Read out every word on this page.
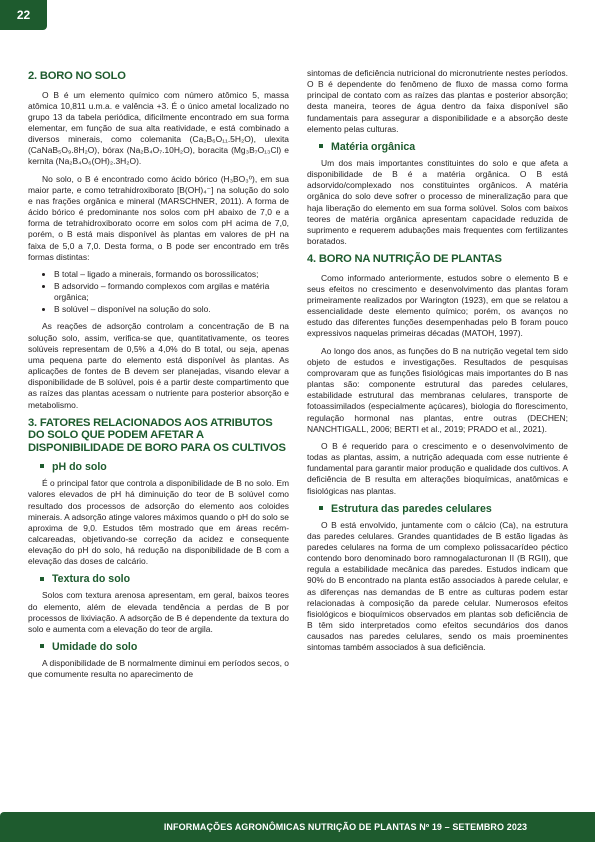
22
2. BORO NO SOLO

O B é um elemento químico com número atômico 5, massa atômica 10,811 u.m.a. e valência +3. É o único ametal localizado no grupo 13 da tabela periódica, dificilmente encontrado em sua forma elementar, em função de sua alta reatividade, e está combinado a diversos minerais, como colemanita (Ca₂B₆O₁₁.5H₂O), ulexita (CaNaB₅O₉.8H₂O), bórax (Na₂B₄O₇.10H₂O), boracita (Mg₃B₇O₁₃Cl) e kernita (Na₂B₄O₆(OH)₂.3H₂O).

No solo, o B é encontrado como ácido bórico (H₃BO₃⁰), em sua maior parte, e como tetrahidroxiborato [B(OH)₄⁻] na solução do solo e nas frações orgânica e mineral (MARSCHNER, 2011). A forma de ácido bórico é predominante nos solos com pH abaixo de 7,0 e a forma de tetrahidroxiborato ocorre em solos com pH acima de 7,0, porém, o B está mais disponível às plantas em valores de pH na faixa de 5,0 a 7,0. Desta forma, o B pode ser encontrado em três formas distintas:

• B total – ligado a minerais, formando os borossilicatos;
• B adsorvido – formando complexos com argilas e matéria orgânica;
• B solúvel – disponível na solução do solo.

As reações de adsorção controlam a concentração de B na solução solo, assim, verifica-se que, quantitativamente, os teores solúveis representam de 0,5% a 4,0% do B total, ou seja, apenas uma pequena parte do elemento está disponível às plantas. As aplicações de fontes de B devem ser planejadas, visando elevar a disponibilidade de B solúvel, pois é a partir deste compartimento que as raízes das plantas acessam o nutriente para posterior absorção e metabolismo.

3. FATORES RELACIONADOS AOS ATRIBUTOS DO SOLO QUE PODEM AFETAR A DISPONIBILIDADE DE BORO PARA OS CULTIVOS
pH do solo

É o principal fator que controla a disponibilidade de B no solo. Em valores elevados de pH há diminuição do teor de B solúvel como resultado dos processos de adsorção do elemento aos coloides minerais. A adsorção atinge valores máximos quando o pH do solo se aproxima de 9,0. Estudos têm mostrado que em áreas recém-calcareadas, objetivando-se correção da acidez e consequente elevação do pH do solo, há redução na disponibilidade de B com a elevação das doses de calcário.

Textura do solo

Solos com textura arenosa apresentam, em geral, baixos teores do elemento, além de elevada tendência a perdas de B por processos de lixiviação. A adsorção de B é dependente da textura do solo e aumenta com a elevação do teor de argila.

Umidade do solo

A disponibilidade de B normalmente diminui em períodos secos, o que comumente resulta no aparecimento de

sintomas de deficiência nutricional do micronutriente nestes períodos. O B é dependente do fenômeno de fluxo de massa como forma principal de contato com as raízes das plantas e posterior absorção; desta maneira, teores de água dentro da faixa disponível são fundamentais para assegurar a disponibilidade e a absorção deste elemento pelas culturas.

Matéria orgânica

Um dos mais importantes constituintes do solo e que afeta a disponibilidade de B é a matéria orgânica. O B está adsorvido/complexado nos constituintes orgânicos. A matéria orgânica do solo deve sofrer o processo de mineralização para que haja liberação do elemento em sua forma solúvel. Solos com baixos teores de matéria orgânica apresentam capacidade reduzida de suprimento e requerem adubações mais frequentes com fertilizantes boratados.

4. BORO NA NUTRIÇÃO DE PLANTAS

Como informado anteriormente, estudos sobre o elemento B e seus efeitos no crescimento e desenvolvimento das plantas foram primeiramente realizados por Warington (1923), em que se relatou a essencialidade deste elemento químico; porém, os avanços no estudo das diferentes funções desempenhadas pelo B foram pouco expressivos naquelas primeiras décadas (MATOH, 1997).

Ao longo dos anos, as funções do B na nutrição vegetal tem sido objeto de estudos e investigações. Resultados de pesquisas comprovaram que as funções fisiológicas mais importantes do B nas plantas são: componente estrutural das paredes celulares, estabilidade estrutural das membranas celulares, transporte de fotoassimilados (especialmente açúcares), biologia do florescimento, regulação hormonal nas plantas, entre outras (DECHEN; NANCHTIGALL, 2006; BERTI et al., 2019; PRADO et al., 2021).

O B é requerido para o crescimento e o desenvolvimento de todas as plantas, assim, a nutrição adequada com esse nutriente é fundamental para garantir maior produção e qualidade dos cultivos. A deficiência de B resulta em alterações bioquímicas, anatômicas e fisiológicas nas plantas.

Estrutura das paredes celulares

O B está envolvido, juntamente com o cálcio (Ca), na estrutura das paredes celulares. Grandes quantidades de B estão ligadas às paredes celulares na forma de um complexo polissacarídeo péctico contendo boro denominado boro ramnogalacturonan II (B RGII), que regula a estabilidade mecânica das paredes. Estudos indicam que 90% do B encontrado na planta estão associados à parede celular, e as diferenças nas demandas de B entre as culturas podem estar relacionadas à composição da parede celular. Numerosos efeitos fisiológicos e bioquímicos observados em plantas sob deficiência de B têm sido interpretados como efeitos secundários dos danos causados nas paredes celulares, sendo os mais proeminentes sintomas também associados à sua deficiência.

INFORMAÇÕES AGRONÔMICAS NUTRIÇÃO DE PLANTAS Nº 19 – SETEMBRO 2023
